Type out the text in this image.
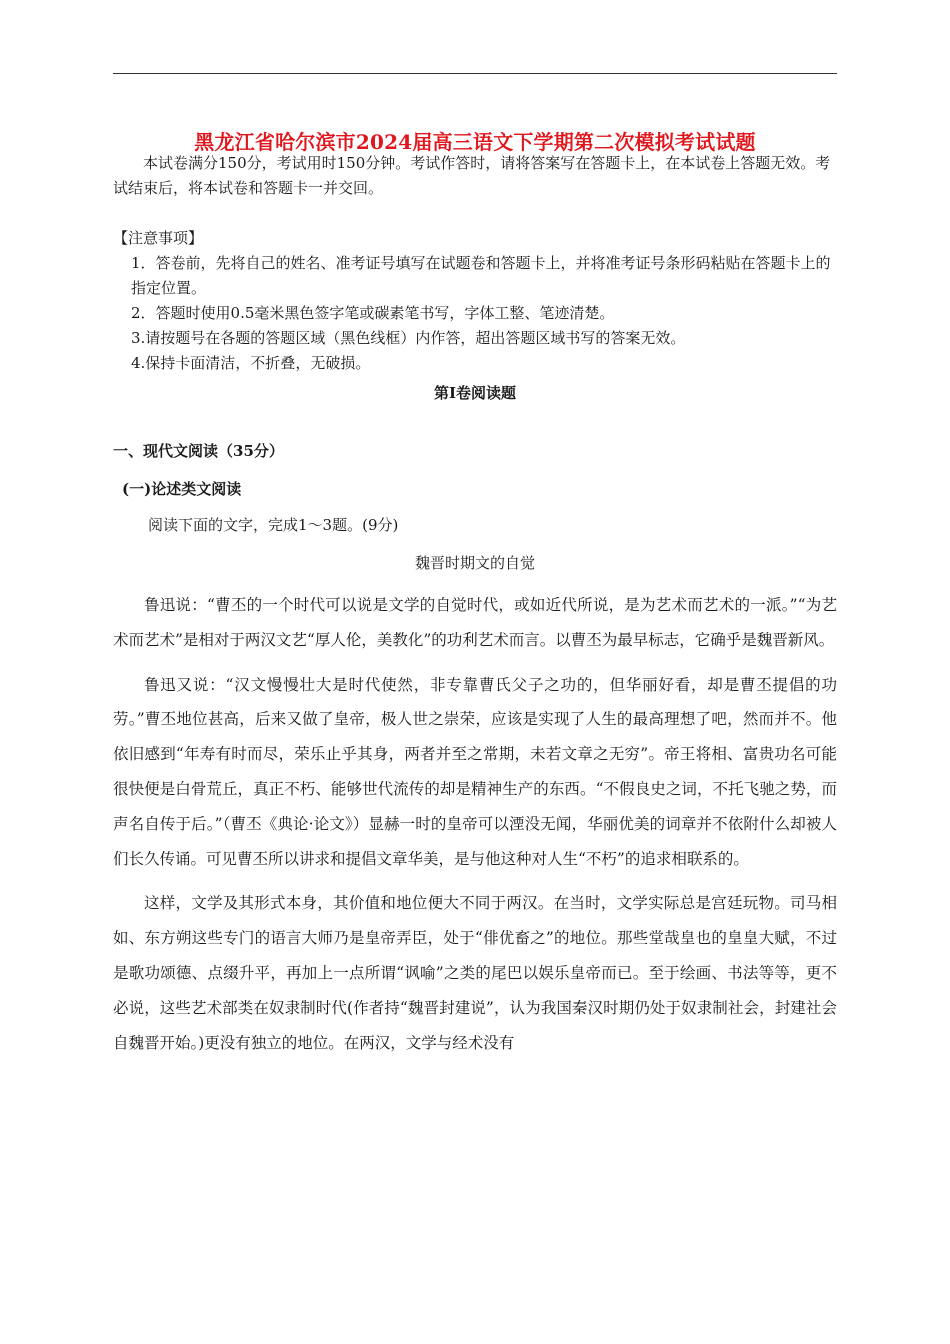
黑龙江省哈尔滨市2024届高三语文下学期第二次模拟考试试题
本试卷满分150分，考试用时150分钟。考试作答时，请将答案写在答题卡上，在本试卷上答题无效。考试结束后，将本试卷和答题卡一并交回。

【注意事项】

1．答卷前，先将自己的姓名、准考证号填写在试题卷和答题卡上，并将准考证号条形码粘贴在答题卡上的指定位置。

2．答题时使用0.5毫米黑色签字笔或碳素笔书写，字体工整、笔迹清楚。

3.请按题号在各题的答题区域（黑色线框）内作答，超出答题区域书写的答案无效。

4.保持卡面清洁，不折叠，无破损。

第Ⅰ卷阅读题
一、现代文阅读（35分）
(一)论述类文阅读
阅读下面的文字，完成1～3题。(9分)
魏晋时期文的自觉

鲁迅说：“曹丕的一个时代可以说是文学的自觉时代，或如近代所说，是为艺术而艺术的一派。”“为艺术而艺术”是相对于两汉文艺“厚人伦，美教化”的功利艺术而言。以曹丕为最早标志，它确乎是魏晋新风。

鲁迅又说：“汉文慢慢壮大是时代使然，非专靠曹氏父子之功的，但华丽好看，却是曹丕提倡的功劳。”曹丕地位甚高，后来又做了皇帝，极人世之崇荣，应该是实现了人生的最高理想了吧，然而并不。他依旧感到“年寿有时而尽，荣乐止乎其身，两者并至之常期，未若文章之无穷”。帝王将相、富贵功名可能很快便是白骨荒丘，真正不朽、能够世代流传的却是精神生产的东西。“不假良史之词，不托飞驰之势，而声名自传于后。”（曹丕《典论·论文》）显赫一时的皇帝可以湮没无闻，华丽优美的词章并不依附什么却被人们长久传诵。可见曹丕所以讲求和提倡文章华美，是与他这种对人生“不朽”的追求相联系的。

这样，文学及其形式本身，其价值和地位便大不同于两汉。在当时，文学实际总是宫廷玩物。司马相如、东方朔这些专门的语言大师乃是皇帝弄臣，处于“俳优畜之”的地位。那些堂哉皇也的皇皇大赋，不过是歌功颂德、点缀升平，再加上一点所谓“讽喻”之类的尾巴以娱乐皇帝而已。至于绘画、书法等等，更不必说，这些艺术部类在奴隶制时代(作者持“魏晋封建说”，认为我国秦汉时期仍处于奴隶制社会，封建社会自魏晋开始。)更没有独立的地位。在两汉，文学与经术没有
